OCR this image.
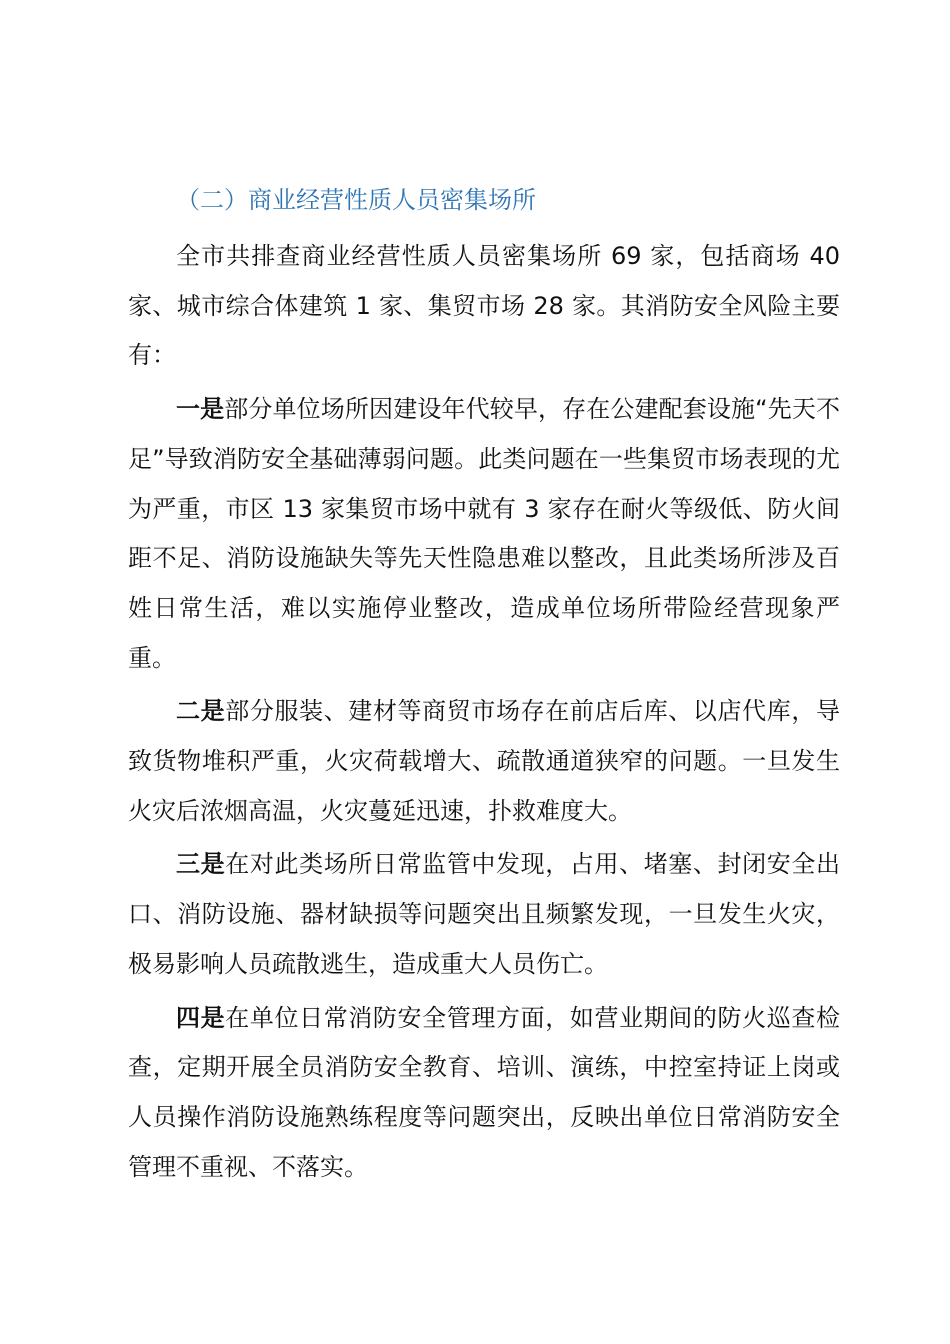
（二）商业经营性质人员密集场所

全市共排查商业经营性质人员密集场所 69 家，包括商场 40 家、城市综合体建筑 1 家、集贸市场 28 家。其消防安全风险主要有：

一是部分单位场所因建设年代较早，存在公建配套设施“先天不足”导致消防安全基础薄弱问题。此类问题在一些集贸市场表现的尤为严重，市区 13 家集贸市场中就有 3 家存在耐火等级低、防火间距不足、消防设施缺失等先天性隐患难以整改，且此类场所涉及百姓日常生活，难以实施停业整改，造成单位场所带险经营现象严重。

二是部分服装、建材等商贸市场存在前店后库、以店代库，导致货物堆积严重，火灾荷载增大、疏散通道狭窄的问题。一旦发生火灾后浓烟高温，火灾蔓延迅速，扑救难度大。

三是在对此类场所日常监管中发现，占用、堵塞、封闭安全出口、消防设施、器材缺损等问题突出且频繁发现，一旦发生火灾，极易影响人员疏散逃生，造成重大人员伤亡。

四是在单位日常消防安全管理方面，如营业期间的防火巡查检查，定期开展全员消防安全教育、培训、演练，中控室持证上岗或人员操作消防设施熟练程度等问题突出，反映出单位日常消防安全管理不重视、不落实。
